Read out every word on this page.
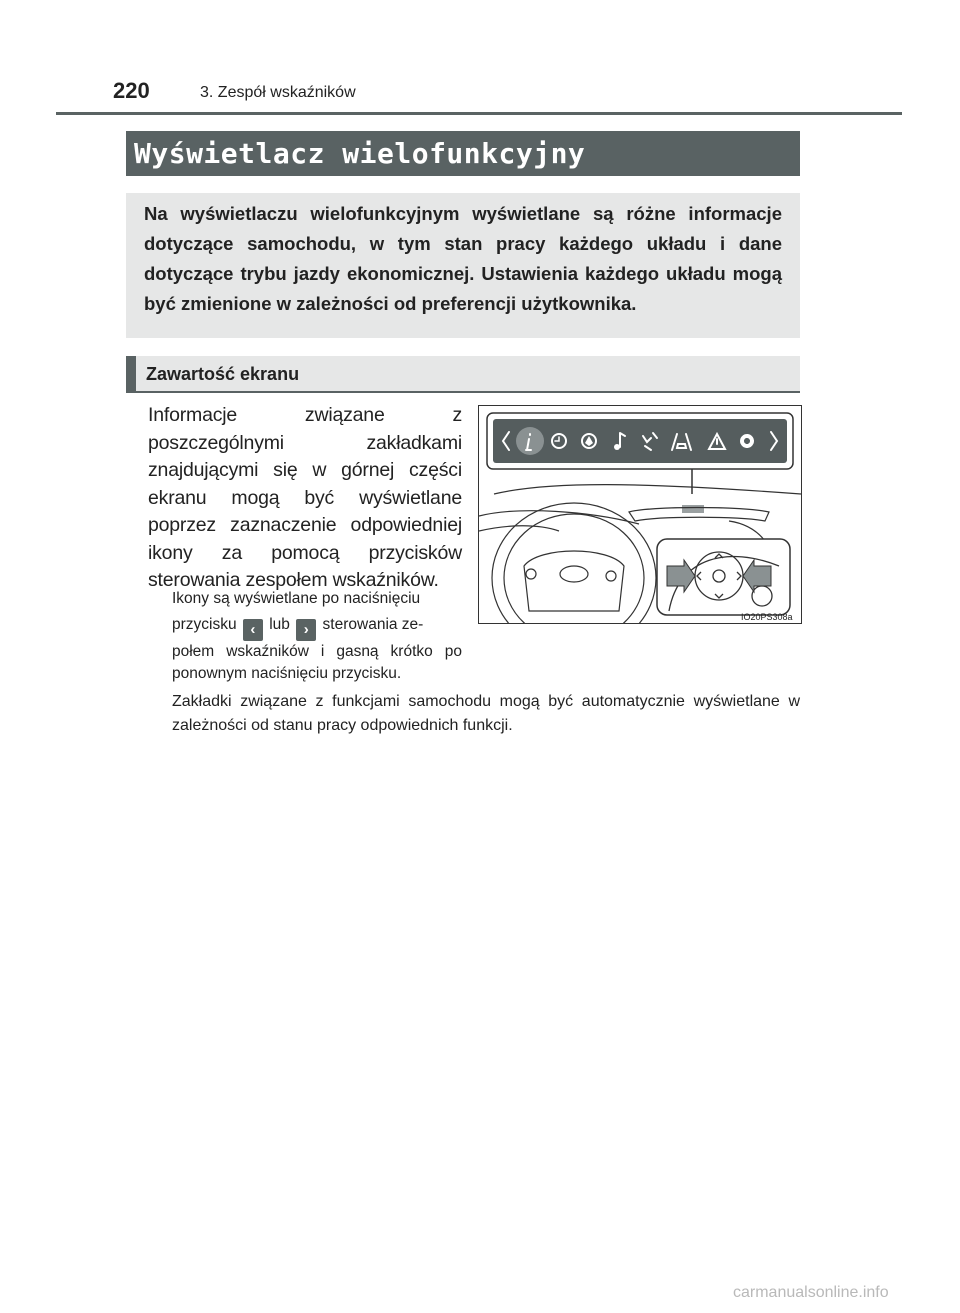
220	3. Zespół wskaźników
Wyświetlacz wielofunkcyjny

Na wyświetlaczu wielofunkcyjnym wyświetlane są różne informacje dotyczące samochodu, w tym stan pracy każdego układu i dane dotyczące trybu jazdy ekonomicznej. Ustawienia każdego układu mogą być zmienione w zależności od preferencji użytkownika.

Zawartość ekranu

Informacje związane z poszczególnymi zakładkami znajdującymi się w górnej części ekranu mogą być wyświetlane poprzez zaznaczenie odpowiedniej ikony za pomocą przycisków sterowania zespołem wskaźników.

Ikony są wyświetlane po naciśnięciu
przycisku ‹ lub › sterowania ze-

połem wskaźników i gasną krótko po ponownym naciśnięciu przycisku.

Zakładki związane z funkcjami samochodu mogą być automatycznie wyświetlane w zależności od stanu pracy odpowiednich funkcji.

IO20PS308a
carmanualsonline.info
